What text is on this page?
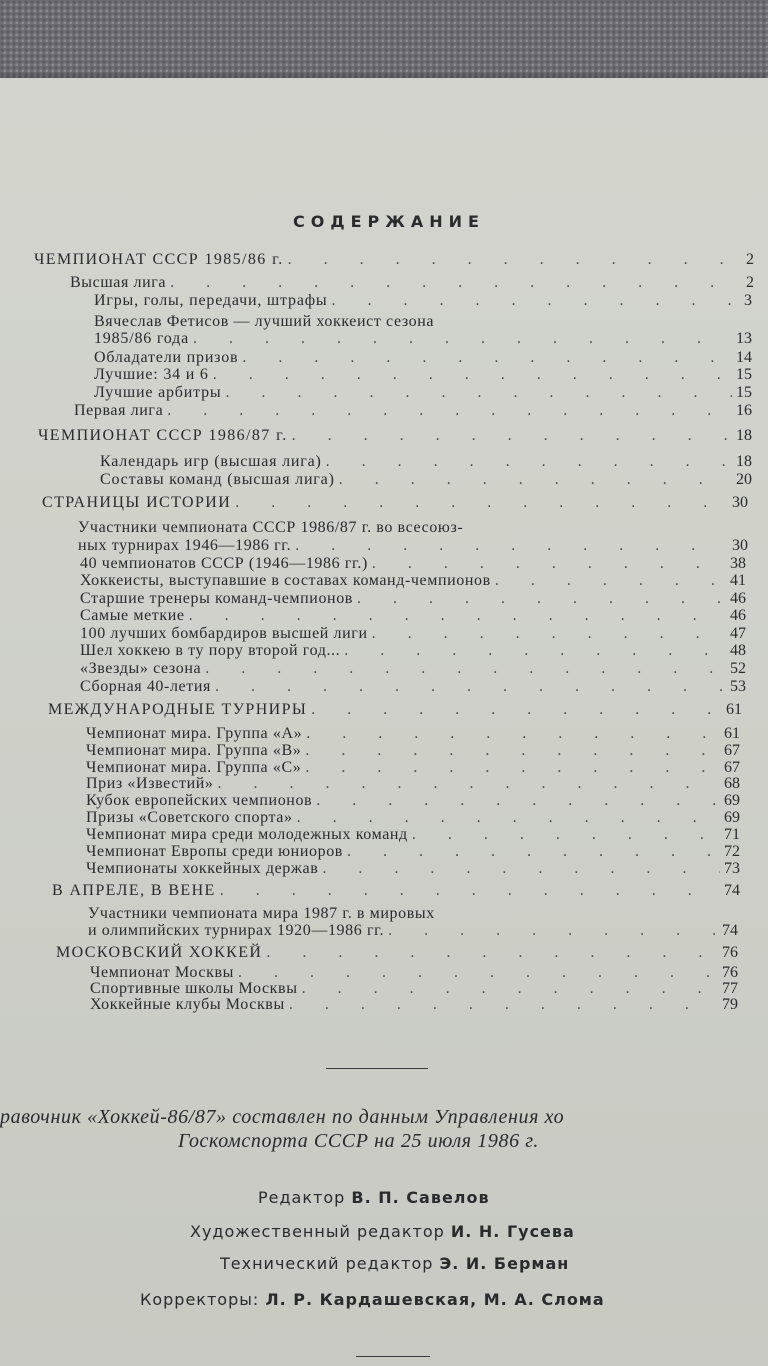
СОДЕРЖАНИЕ
ЧЕМПИОНАТ СССР 1985/86 г. . . .	2
Высшая лига . . .	2
Игры, голы, передачи, штрафы . . .	3
Вячеслав Фетисов — лучший хоккеист сезона
1985/86 года . . .	13
Обладатели призов . . .	14
Лучшие: 34 и 6 . . .	15
Лучшие арбитры . . .	15
Первая лига . . .	16
ЧЕМПИОНАТ СССР 1986/87 г. . . .	18
Календарь игр (высшая лига) . . .	18
Составы команд (высшая лига) . . .	20
СТРАНИЦЫ ИСТОРИИ . . .	30
Участники чемпионата СССР 1986/87 г. во всесоюз-
ных турнирах 1946—1986 гг. . . .	30
40 чемпионатов СССР (1946—1986 гг.) . . .	38
Хоккеисты, выступавшие в составах команд-чемпионов . . .	41
Старшие тренеры команд-чемпионов . . .	46
Самые меткие . . .	46
100 лучших бомбардиров высшей лиги . . .	47
Шел хоккею в ту пору второй год... . . .	48
«Звезды» сезона . . .	52
Сборная 40-летия . . .	53
МЕЖДУНАРОДНЫЕ ТУРНИРЫ . . .	61
Чемпионат мира. Группа «А» . . .	61
Чемпионат мира. Группа «В» . . .	67
Чемпионат мира. Группа «С» . . .	67
Приз «Известий» . . .	68
Кубок европейских чемпионов . . .	69
Призы «Советского спорта» . . .	69
Чемпионат мира среди молодежных команд . . .	71
Чемпионат Европы среди юниоров . . .	72
Чемпионаты хоккейных держав . . .	73
В АПРЕЛЕ, В ВЕНЕ . . .	74
Участники чемпионата мира 1987 г. в мировых
и олимпийских турнирах 1920—1986 гг. . . .	74
МОСКОВСКИЙ ХОККЕЙ . . .	76
Чемпионат Москвы . . .	76
Спортивные школы Москвы . . .	77
Хоккейные клубы Москвы . . .	79
равочник «Хоккей-86/87» составлен по данным Управления хо
Госкомспорта СССР на 25 июля 1986 г.
Редактор В. П. Савелов
Художественный редактор И. Н. Гусева
Технический редактор Э. И. Берман
Корректоры: Л. Р. Кардашевская, М. А. Слома
